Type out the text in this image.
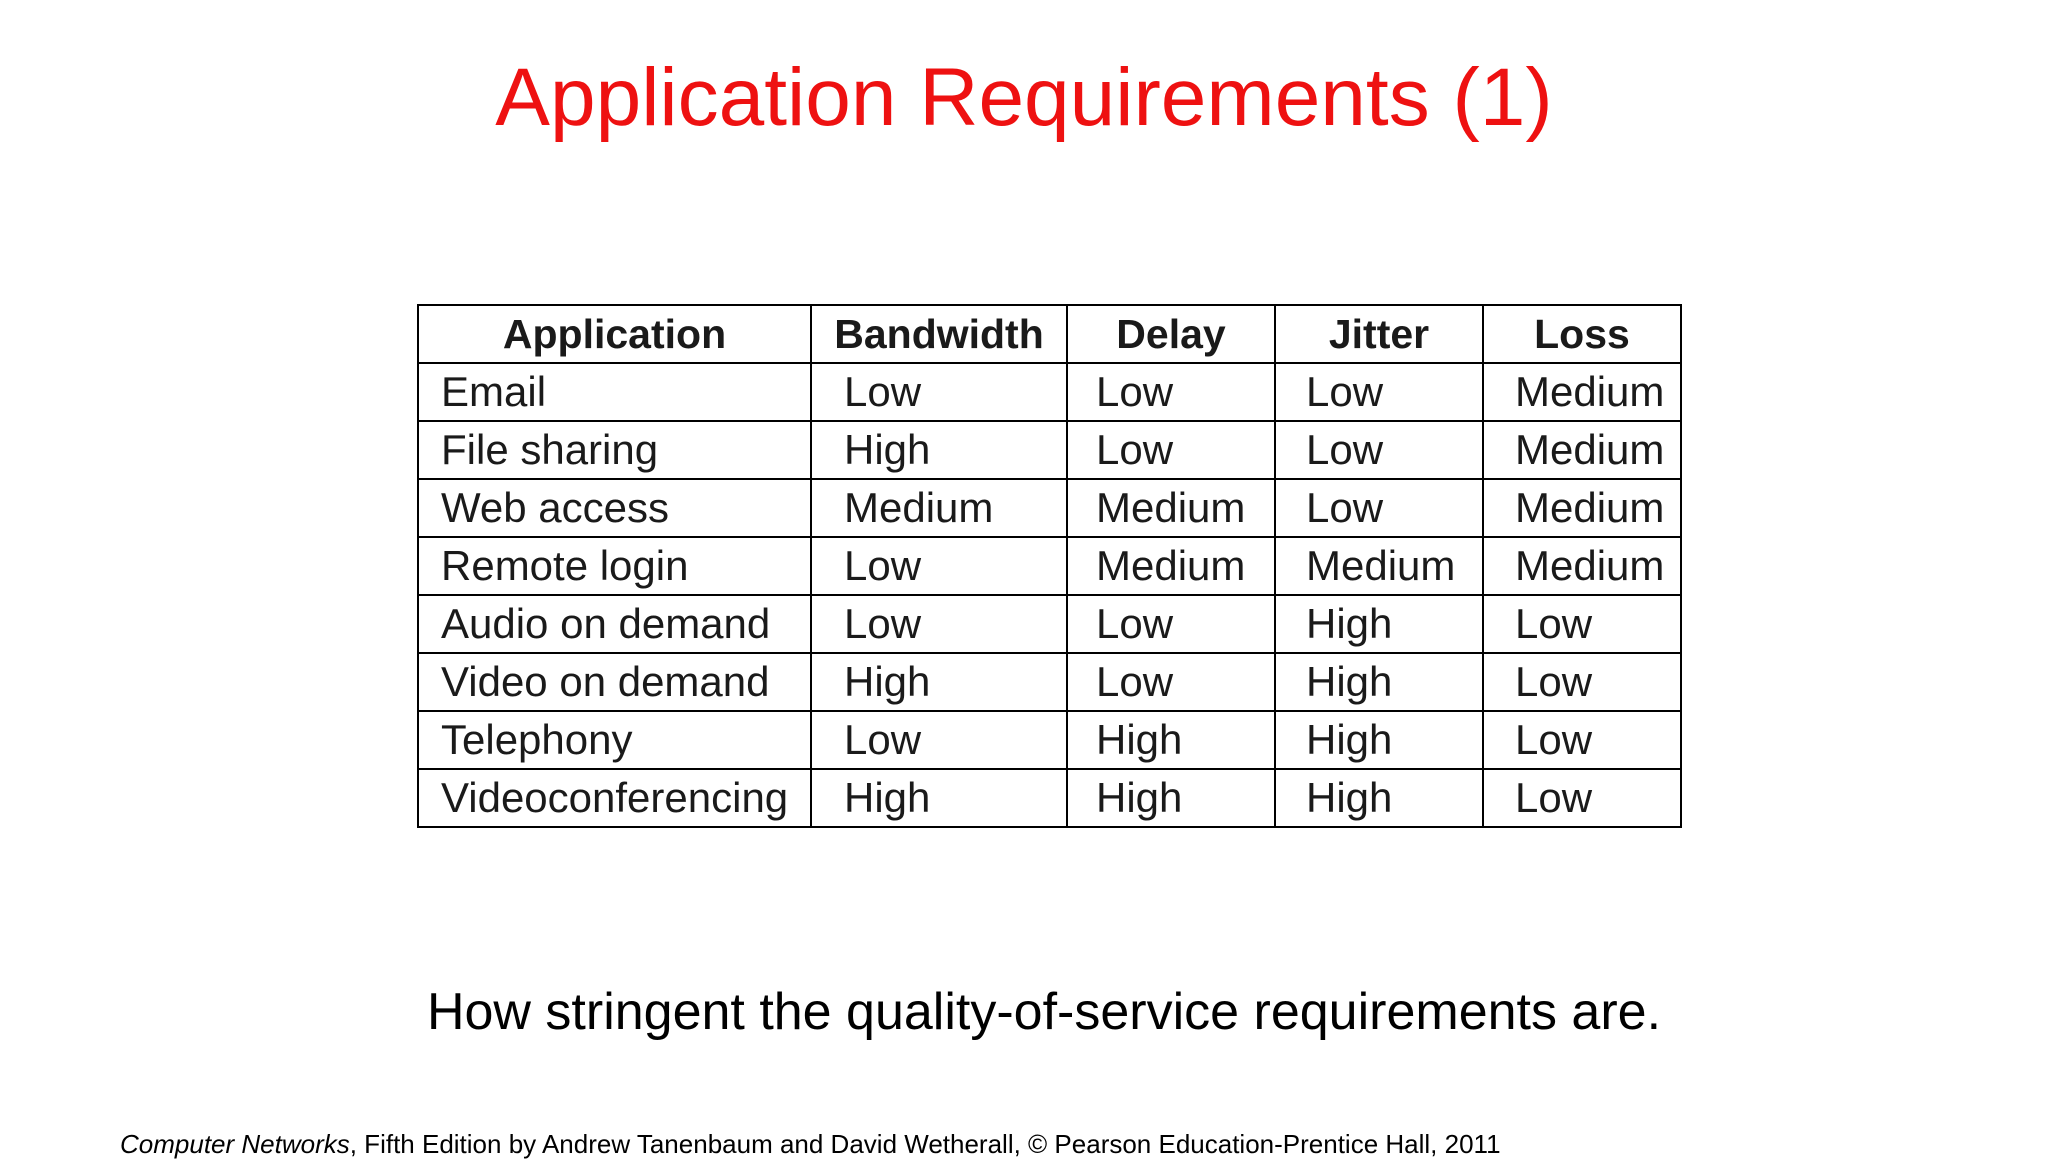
Application Requirements (1)
Application	Bandwidth	Delay	Jitter	Loss
Email	Low	Low	Low	Medium
File sharing	High	Low	Low	Medium
Web access	Medium	Medium	Low	Medium
Remote login	Low	Medium	Medium	Medium
Audio on demand	Low	Low	High	Low
Video on demand	High	Low	High	Low
Telephony	Low	High	High	Low
Videoconferencing	High	High	High	Low
How stringent the quality-of-service requirements are.
Computer Networks, Fifth Edition by Andrew Tanenbaum and David Wetherall, © Pearson Education-Prentice Hall, 2011
